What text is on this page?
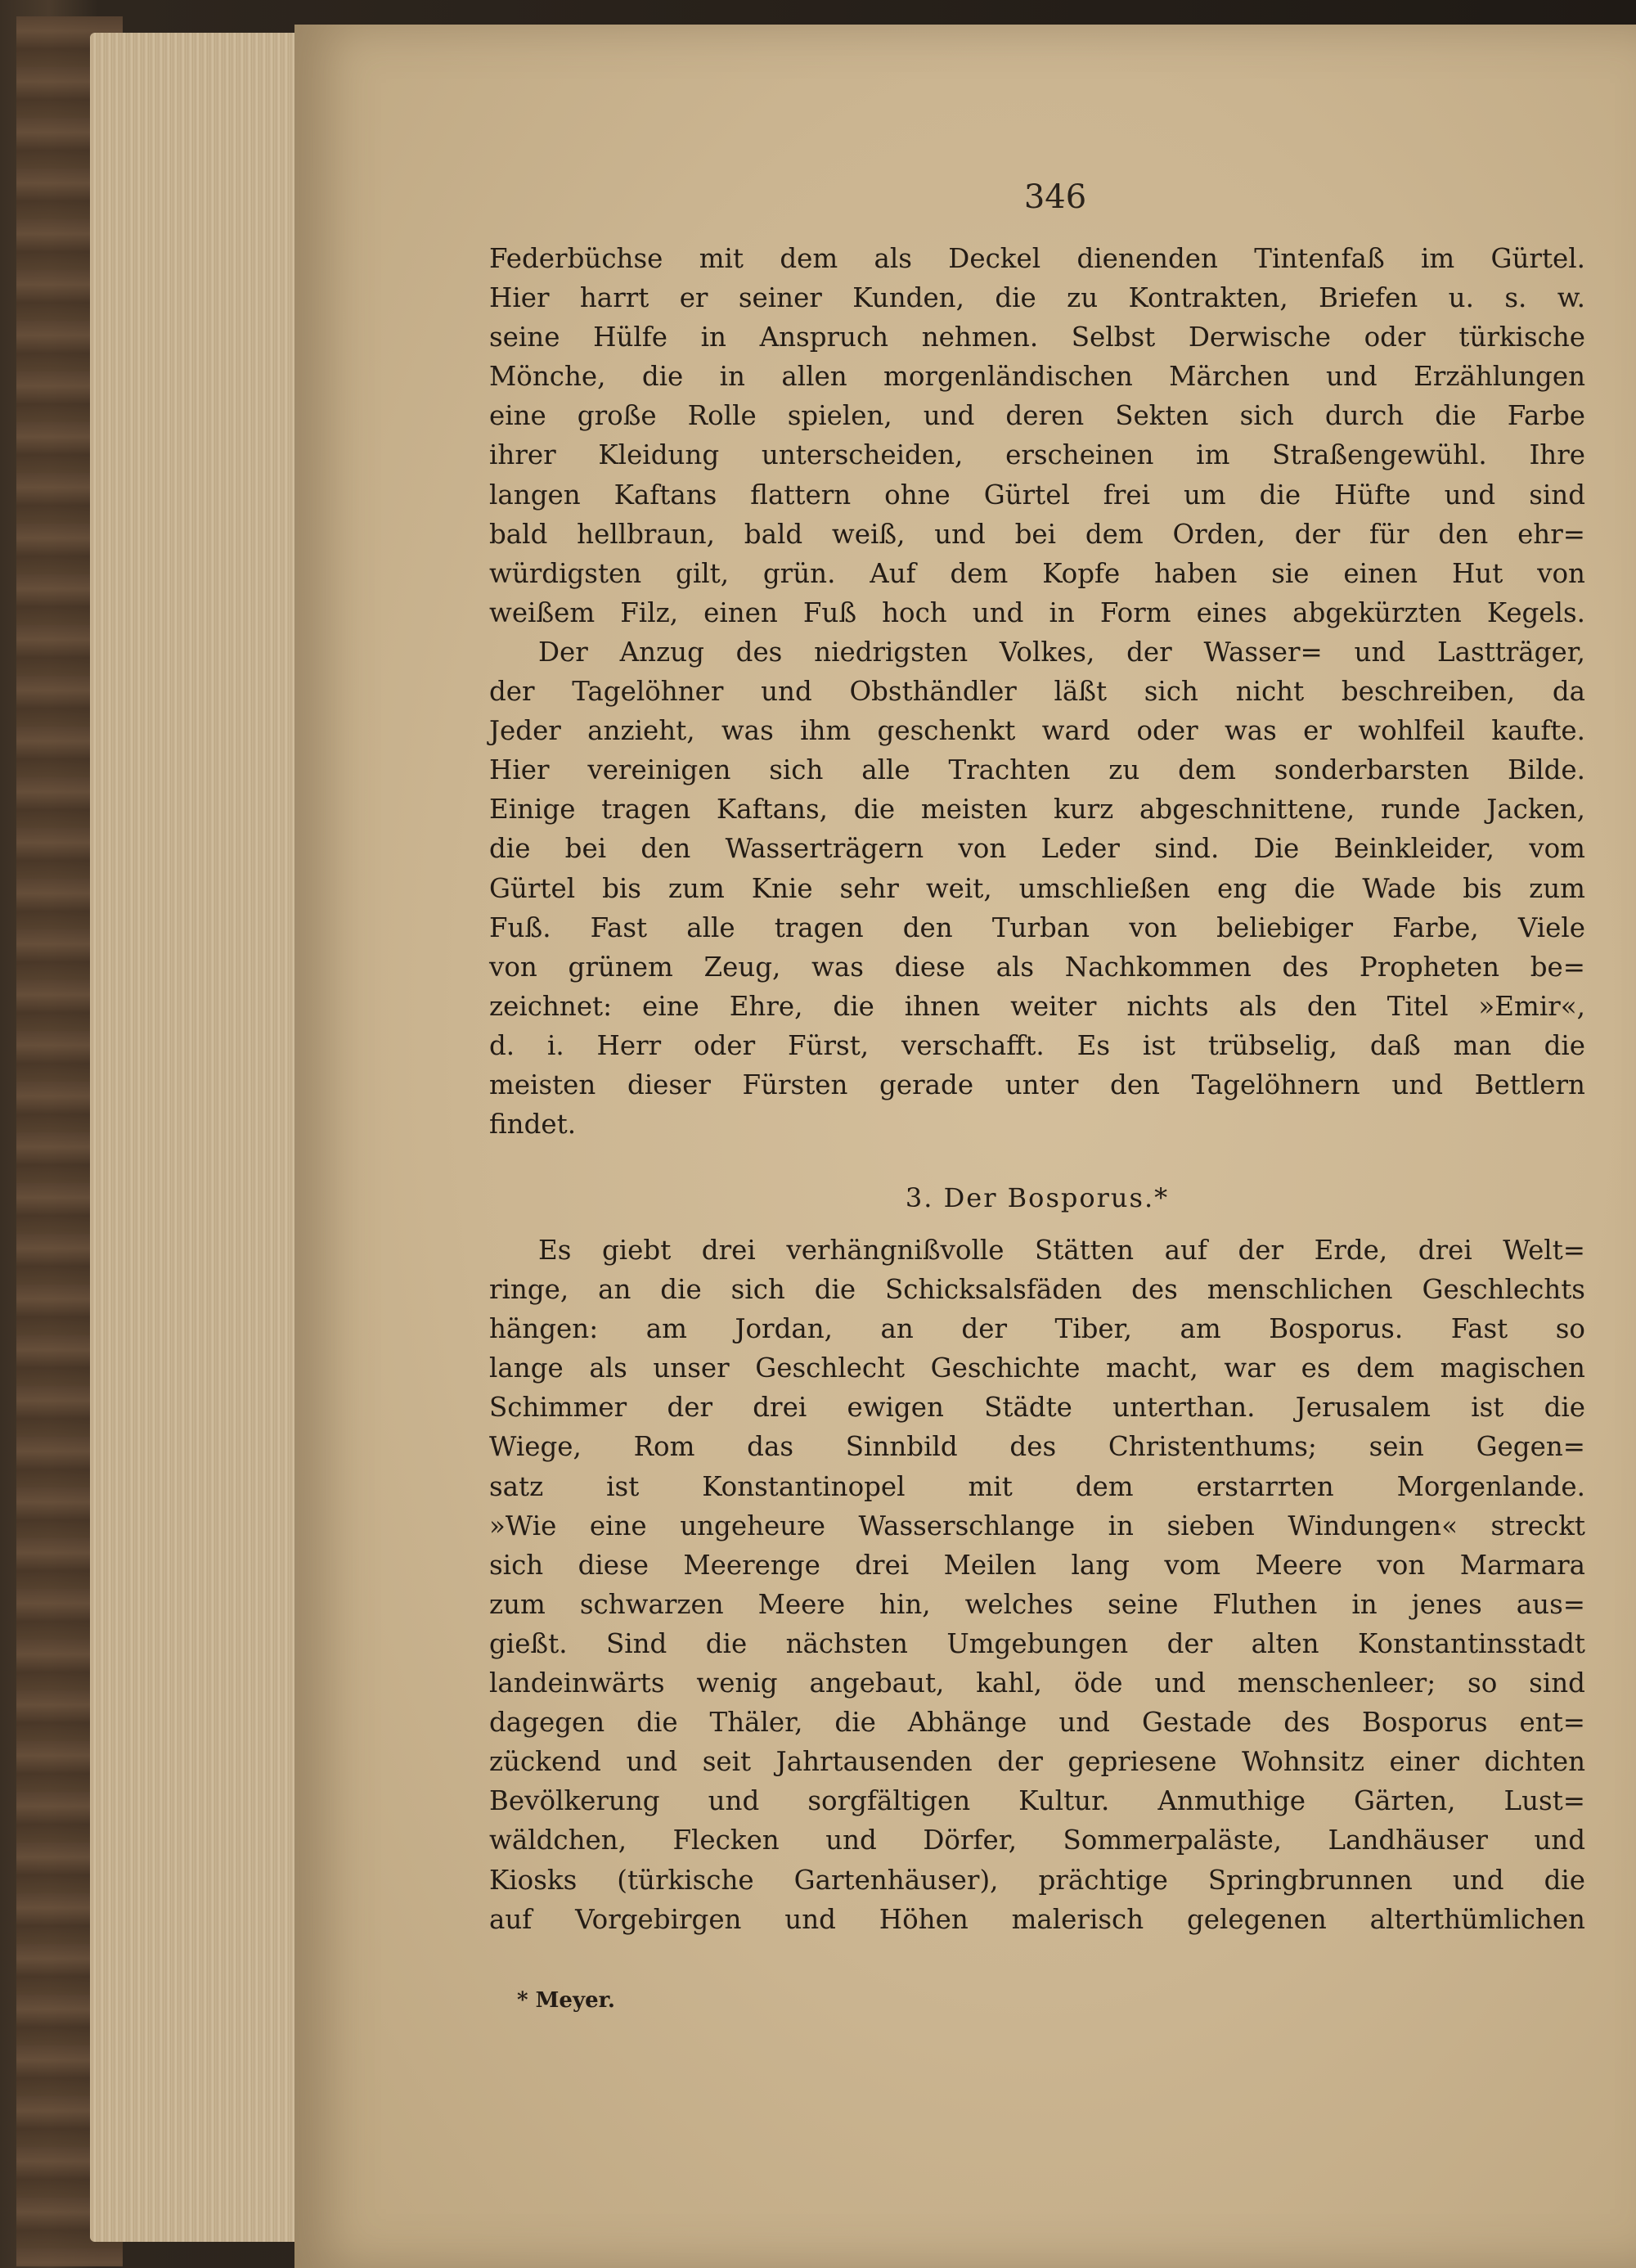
346
Federbüchse mit dem als Deckel dienenden Tintenfaß im Gürtel.
Hier harrt er seiner Kunden, die zu Kontrakten, Briefen u. s. w.
seine Hülfe in Anspruch nehmen. Selbst Derwische oder türkische
Mönche, die in allen morgenländischen Märchen und Erzählungen
eine große Rolle spielen, und deren Sekten sich durch die Farbe
ihrer Kleidung unterscheiden, erscheinen im Straßengewühl. Ihre
langen Kaftans flattern ohne Gürtel frei um die Hüfte und sind
bald hellbraun, bald weiß, und bei dem Orden, der für den ehr=
würdigsten gilt, grün. Auf dem Kopfe haben sie einen Hut von
weißem Filz, einen Fuß hoch und in Form eines abgekürzten Kegels.
Der Anzug des niedrigsten Volkes, der Wasser= und Lastträger,
der Tagelöhner und Obsthändler läßt sich nicht beschreiben, da
Jeder anzieht, was ihm geschenkt ward oder was er wohlfeil kaufte.
Hier vereinigen sich alle Trachten zu dem sonderbarsten Bilde.
Einige tragen Kaftans, die meisten kurz abgeschnittene, runde Jacken,
die bei den Wasserträgern von Leder sind. Die Beinkleider, vom
Gürtel bis zum Knie sehr weit, umschließen eng die Wade bis zum
Fuß. Fast alle tragen den Turban von beliebiger Farbe, Viele
von grünem Zeug, was diese als Nachkommen des Propheten be=
zeichnet: eine Ehre, die ihnen weiter nichts als den Titel »Emir«,
d. i. Herr oder Fürst, verschafft. Es ist trübselig, daß man die
meisten dieser Fürsten gerade unter den Tagelöhnern und Bettlern
findet.
3. Der Bosporus.*
Es giebt drei verhängnißvolle Stätten auf der Erde, drei Welt=
ringe, an die sich die Schicksalsfäden des menschlichen Geschlechts
hängen: am Jordan, an der Tiber, am Bosporus. Fast so
lange als unser Geschlecht Geschichte macht, war es dem magischen
Schimmer der drei ewigen Städte unterthan. Jerusalem ist die
Wiege, Rom das Sinnbild des Christenthums; sein Gegen=
satz ist Konstantinopel mit dem erstarrten Morgenlande.
»Wie eine ungeheure Wasserschlange in sieben Windungen« streckt
sich diese Meerenge drei Meilen lang vom Meere von Marmara
zum schwarzen Meere hin, welches seine Fluthen in jenes aus=
gießt. Sind die nächsten Umgebungen der alten Konstantinsstadt
landeinwärts wenig angebaut, kahl, öde und menschenleer; so sind
dagegen die Thäler, die Abhänge und Gestade des Bosporus ent=
zückend und seit Jahrtausenden der gepriesene Wohnsitz einer dichten
Bevölkerung und sorgfältigen Kultur. Anmuthige Gärten, Lust=
wäldchen, Flecken und Dörfer, Sommerpaläste, Landhäuser und
Kiosks (türkische Gartenhäuser), prächtige Springbrunnen und die
auf Vorgebirgen und Höhen malerisch gelegenen alterthümlichen
* Meyer.
